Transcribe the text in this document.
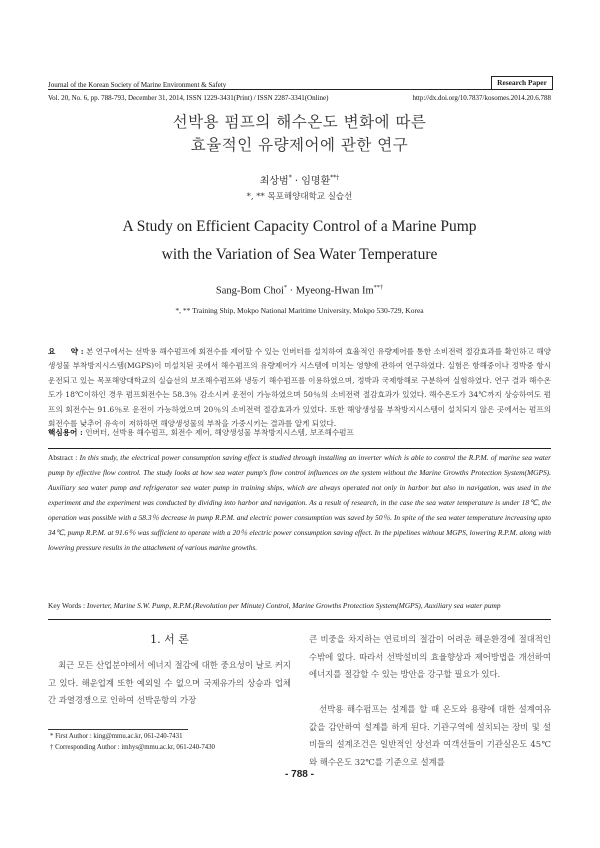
Journal of the Korean Society of Marine Environment & Safety	Research Paper
Vol. 20, No. 6, pp. 788-793, December 31, 2014, ISSN 1229-3431(Print) / ISSN 2287-3341(Online)	http://dx.doi.org/10.7837/kosomes.2014.20.6.788
선박용 펌프의 해수온도 변화에 따른
효율적인 유량제어에 관한 연구
최상범* · 임명환**†
*, ** 목포해양대학교 실습선
A Study on Efficient Capacity Control of a Marine Pump
with the Variation of Sea Water Temperature
Sang-Bom Choi* · Myeong-Hwan Im**†
*, ** Training Ship, Mokpo National Maritime University, Mokpo 530-729, Korea
요　　약 : 본 연구에서는 선박용 해수펌프에 회전수를 제어할 수 있는 인버터를 설치하여 효율적인 유량제어를 통한 소비전력 절감효과를 확인하고 해양생성물 부착방지시스템(MGPS)이 미설치된 곳에서 해수펌프의 유량제어가 시스템에 미치는 영향에 관하여 연구하였다. 실험은 항해중이나 정박중 항시 운전되고 있는 목포해양대학교의 실습선의 보조해수펌프와 냉동기 해수펌프를 이용하였으며, 정박과 국제항해로 구분하여 실험하였다. 연구 결과 해수온도가 18℃이하인 경우 펌프회전수는 58.3％ 감소시켜 운전이 가능하였으며 50％의 소비전력 절감효과가 있었다. 해수온도가 34℃까지 상승하여도 펌프의 회전수는 91.6％로 운전이 가능하였으며 20％의 소비전력 절감효과가 있었다. 또한 해양생성물 부착방지시스템이 설치되지 않은 곳에서는 펌프의 회전수를 낮추어 유속이 저하하면 해양생성물의 부착을 가중시키는 결과를 알게 되었다.
핵심용어 : 인버터, 선박용 해수펌프, 회전수 제어, 해양생성물 부착방지시스템, 보조해수펌프
Abstract : In this study, the electrical power consumption saving effect is studied through installing an inverter which is able to control the R.P.M. of marine sea water pump by effective flow control. The study looks at how sea water pump's flow control influences on the system without the Marine Growths Protection System(MGPS). Auxiliary sea water pump and refrigerator sea water pump in training ships, which are always operated not only in harbor but also in navigation, was used in the experiment and the experiment was conducted by dividing into harbor and navigation. As a result of research, in the case the sea water temperature is under 18℃, the operation was possible with a 58.3％ decrease in pump R.P.M. and electric power consumption was saved by 50％. In spite of the sea water temperature increasing upto 34℃, pump R.P.M. at 91.6％ was sufficient to operate with a 20％ electric power consumption saving effect. In the pipelines without MGPS, lowering R.P.M. along with lowering pressure results in the attachment of various marine growths.
Key Words : Inverter, Marine S.W. Pump, R.P.M.(Revolution per Minute) Control, Marine Growths Protection System(MGPS), Auxiliary sea water pump
1. 서 론
최근 모든 산업분야에서 에너지 절감에 대한 중요성이 날로 커지고 있다. 해운업계 또한 예외일 수 없으며 국제유가의 상승과 업체 간 과열경쟁으로 인하여 선박운항의 가장
큰 비중을 차지하는 연료비의 절감이 어려운 해운환경에 절대적인 수밖에 없다. 따라서 선박설비의 효율향상과 제어방법을 개선하여 에너지를 절감할 수 있는 방안을 강구할 필요가 있다.
선박용 해수펌프는 설계를 할 때 온도와 용량에 대한 설계여유 값을 감안하여 설계를 하게 된다. 기관구역에 설치되는 장비 및 설비들의 설계조건은 일반적인 상선과 여객선들이 기관실온도 45℃와 해수온도 32℃를 기준으로 설계를
* First Author : king@mmu.ac.kr, 061-240-7431
† Corresponding Author : imhys@mmu.ac.kr, 061-240-7430
- 788 -
